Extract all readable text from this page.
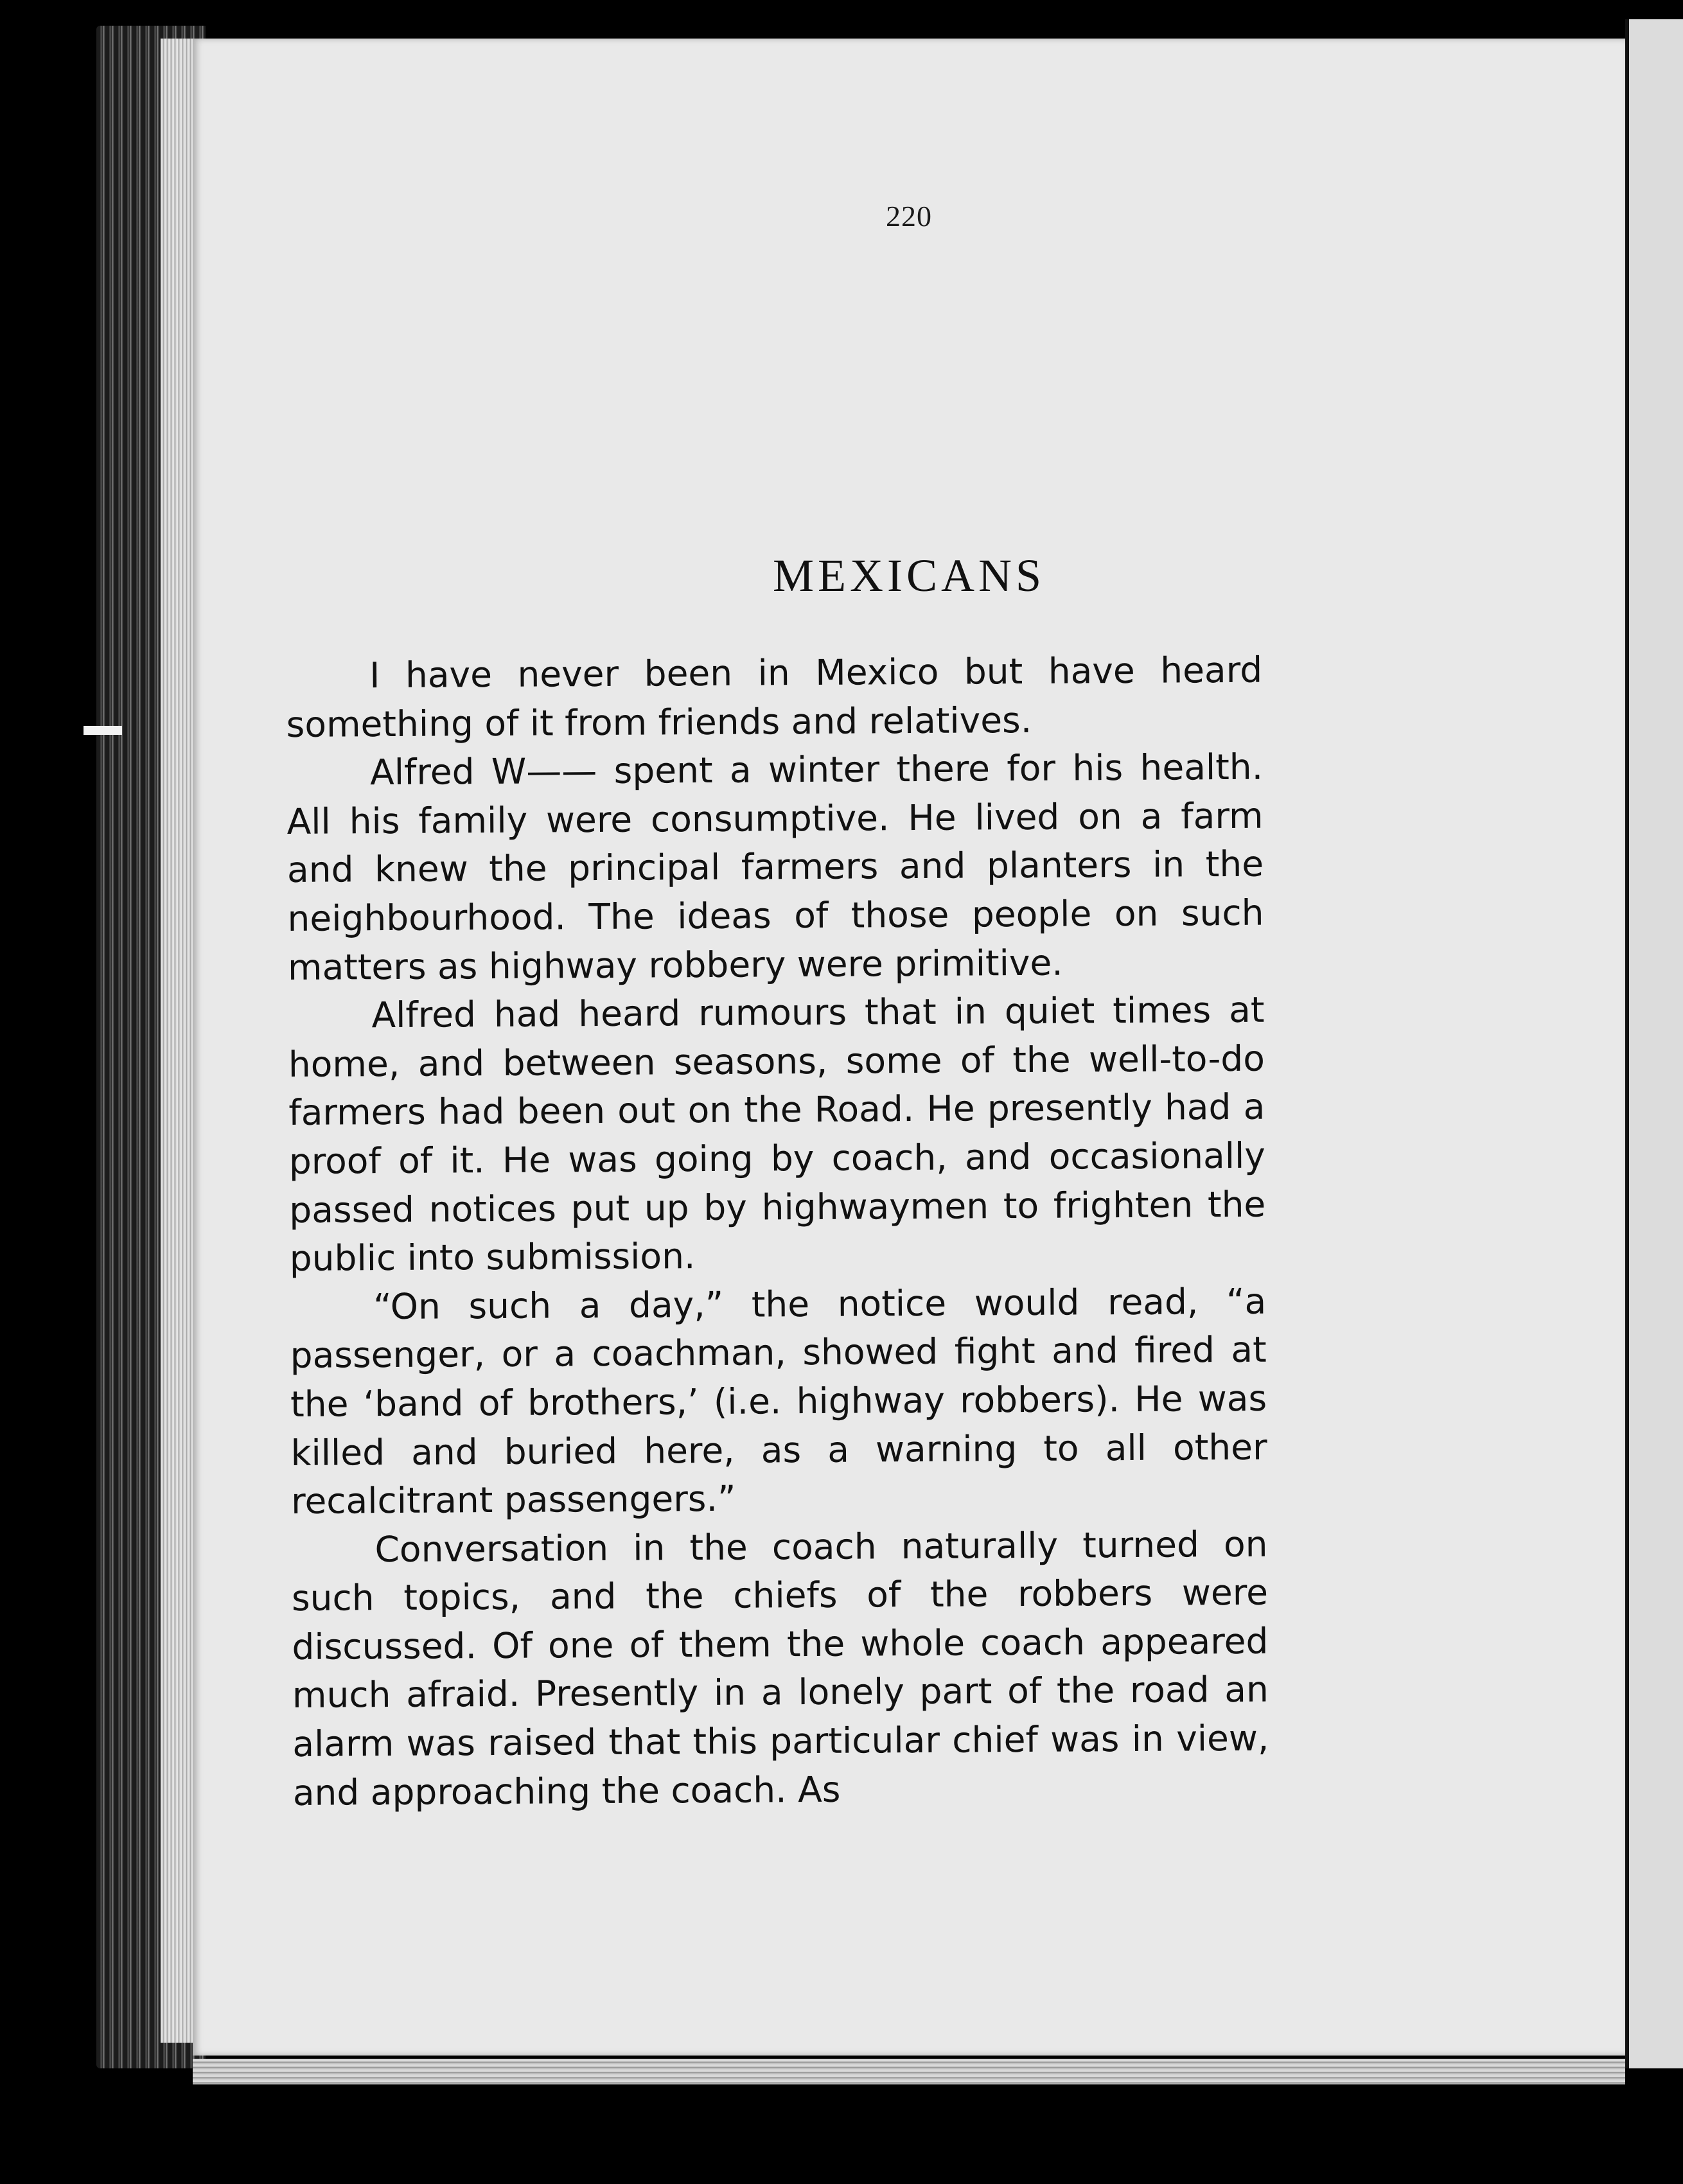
220
MEXICANS

I have never been in Mexico but have heard something of it from friends and relatives.

Alfred W—— spent a winter there for his health. All his family were consumptive. He lived on a farm and knew the principal farmers and planters in the neighbourhood. The ideas of those people on such matters as highway robbery were primitive.

Alfred had heard rumours that in quiet times at home, and between seasons, some of the well-to-do farmers had been out on the Road. He presently had a proof of it. He was going by coach, and occasionally passed notices put up by highwaymen to frighten the public into submission.

“On such a day,” the notice would read, “a passenger, or a coachman, showed fight and fired at the ‘band of brothers,’ (i.e. highway robbers). He was killed and buried here, as a warning to all other recalcitrant passengers.”

Conversation in the coach naturally turned on such topics, and the chiefs of the robbers were discussed. Of one of them the whole coach appeared much afraid. Presently in a lonely part of the road an alarm was raised that this particular chief was in view, and approaching the coach. As
